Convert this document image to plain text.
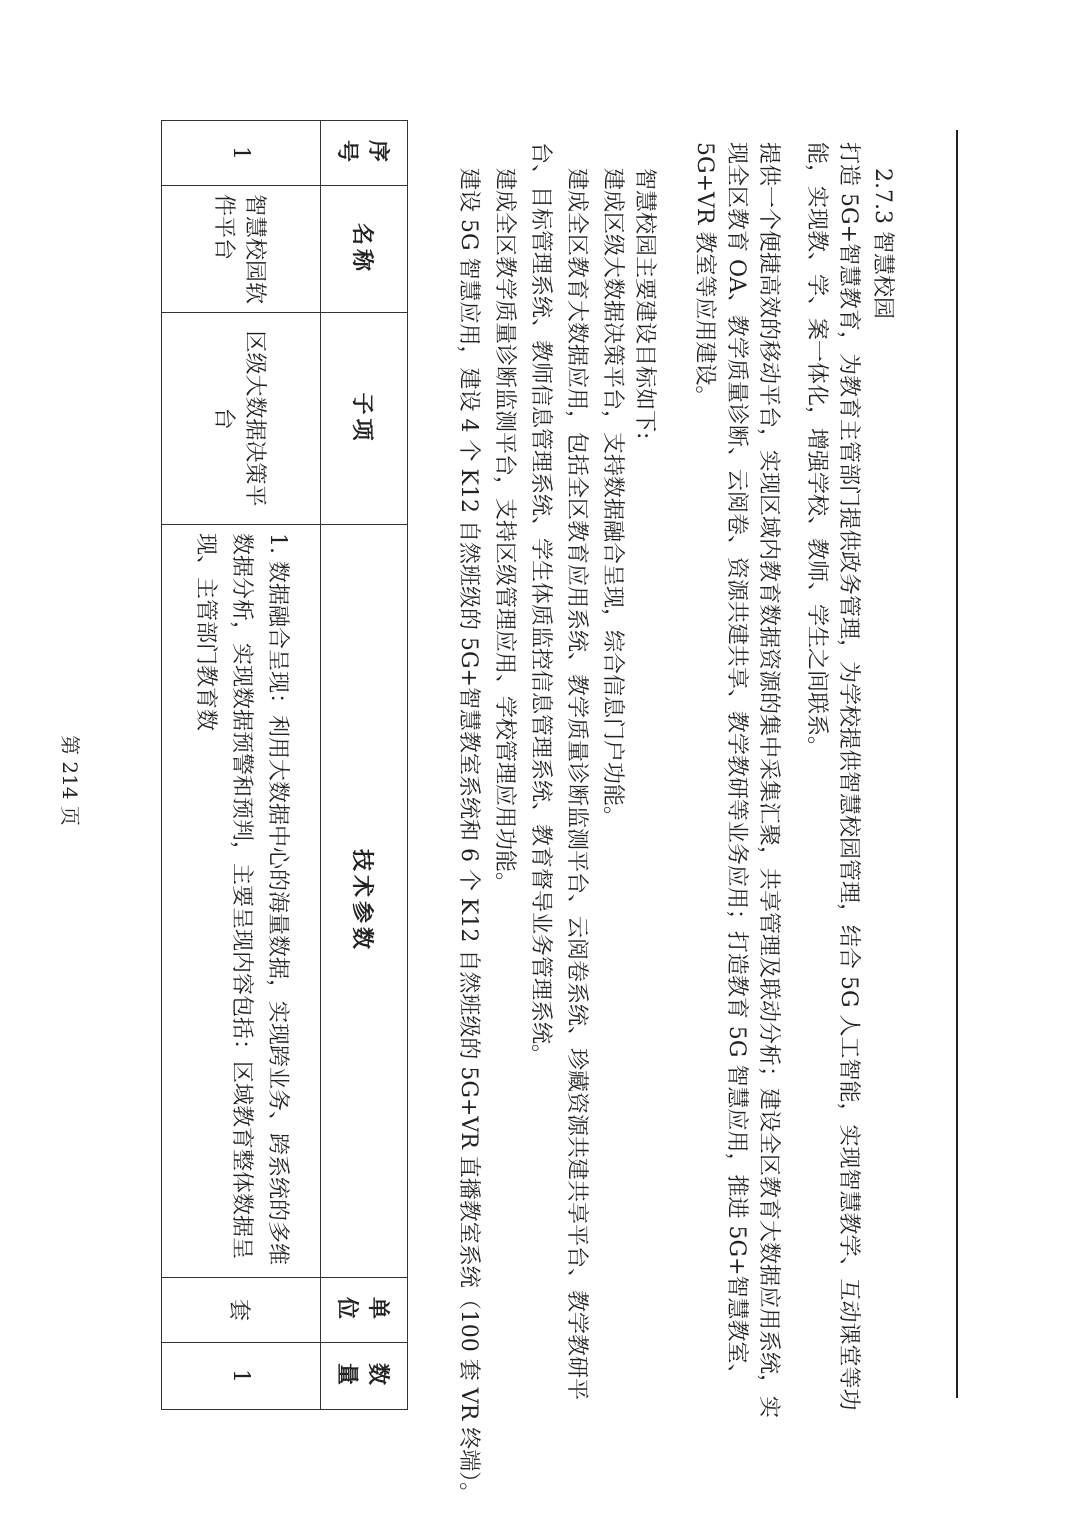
2.7.3 智慧校园
打造 5G+智慧教育，为教育主管部门提供政务管理，为学校提供智慧校园管理，结合 5G 人工智能，实现智慧教学、互动课堂等功能，实现教、学、案一体化，增强学校、教师、学生之间联系。
提供一个便捷高效的移动平台，实现区域内教育数据资源的集中采集汇聚，共享管理及联动分析；建设全区教育大数据应用系统，实现全区教育 OA、教学质量诊断、云阅卷、资源共建共享、教学教研等业务应用；打造教育 5G 智慧应用，推进 5G+智慧教室、5G+VR 教室等应用建设。
智慧校园主要建设目标如下:
建成区级大数据决策平台，支持数据融合呈现，综合信息门户功能。
建成全区教育大数据应用，包括全区教育应用系统、教学质量诊断监测平台、云阅卷系统、珍藏资源共建共享平台、教学教研平
台、目标管理系统、教师信息管理系统、学生体质监控信息管理系统、教育督导业务管理系统。
建成全区教学质量诊断监测平台，支持区级管理应用、学校管理应用功能。
建设 5G 智慧应用，建设 4 个 K12 自然班级的 5G+智慧教室系统和 6 个 K12 自然班级的 5G+VR 直播教室系统（100 套 VR 终端）。
序号	名称	子项	技术参数	单位	数量
1	智慧校园软件平台	区级大数据决策平台	1. 数据融合呈现：利用大数据中心的海量数据，实现跨业务、跨系统的多维数据分析，实现数据预警和预判，主要呈现内容包括：区域教育整体数据呈现、主管部门教育数	套	1
第 214 页
